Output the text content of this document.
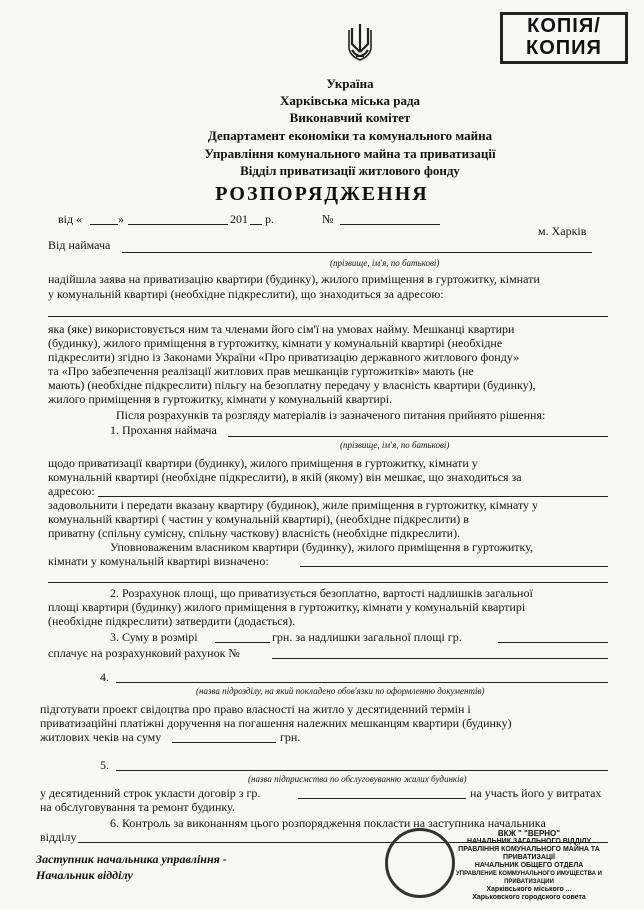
КОПІЯ/
КОПИЯ
Україна
Харківська міська рада
Виконавчий комітет
Департамент економіки та комунального майна
Управління комунального майна та приватизації
Відділ приватизації житлового фонду
РОЗПОРЯДЖЕННЯ
від «	»	201 р.	№
м. Харків
Від наймача
(прізвище, ім'я, по батькові)
надійшла заява на приватизацію квартири (будинку), жилого приміщення в гуртожитку, кімнати
у комунальній квартирі (необхідне підкреслити), що знаходиться за адресою:
яка (яке) використовується ним та членами його сім'ї на умовах найму. Мешканці квартири
(будинку), жилого приміщення в гуртожитку, кімнати у комунальній квартирі (необхідне
підкреслити) згідно із Законами України «Про приватизацію державного житлового фонду»
та «Про забезпечення реалізації житлових прав мешканців гуртожитків» мають (не
мають) (необхідне підкреслити) пільгу на безоплатну передачу у власність квартири (будинку),
жилого приміщення в гуртожитку, кімнати у комунальній квартирі.
Після розрахунків та розгляду матеріалів із зазначеного питання прийнято рішення:
1. Прохання наймача
(прізвище, ім'я, по батькові)
щодо приватизації квартири (будинку), жилого приміщення в гуртожитку, кімнати у
комунальній квартирі (необхідне підкреслити), в якій (якому) він мешкає, що знаходиться за
адресою:
задовольнити і передати вказану квартиру (будинок), жиле приміщення в гуртожитку, кімнату у
комунальній квартирі ( частин у комунальній квартирі), (необхідне підкреслити) в
приватну (спільну сумісну, спільну часткову) власність (необхідне підкреслити).
Уповноваженим власником квартири (будинку), жилого приміщення в гуртожитку,
кімнати у комунальній квартирі визначено:
2. Розрахунок площі, що приватизується безоплатно, вартості надлишків загальної
площі квартири (будинку) жилого приміщення в гуртожитку, кімнати у комунальній квартирі
(необхідне підкреслити) затвердити (додається).
3. Суму в розмірі	грн. за надлишки загальної площі гр.
сплачує на розрахунковий рахунок №
4.
(назва підрозділу, на який покладено обов'язки по оформленню документів)
підготувати проект свідоцтва про право власності на житло у десятиденний термін і
приватизаційні платіжні доручення на погашення належних мешканцям квартири (будинку)
житлових чеків на суму	грн.
5.
(назва підприємства по обслуговуванню жилих будинків)
у десятиденний строк укласти договір з гр.	на участь його у витратах
на обслуговування та ремонт будинку.
6. Контроль за виконанням цього розпорядження покласти на заступника начальника
відділу
Заступник начальника управління -
Начальник відділу
ВКЖ " "ВЕРНО"
НАЧАЛЬНИК ЗАГАЛЬНОГО ВІДДІЛУ
ПРАВЛІННЯ КОМУНАЛЬНОГО МАЙНА ТА
ПРИВАТИЗАЦІЇ
НАЧАЛЬНИК ОБЩЕГО ОТДЕЛА
УПРАВЛЕНИЕ КОММУНАЛЬНОГО ИМУЩЕСТВА И ПРИВАТИЗАЦИИ
Харківського міського ...
Харьковского городского совета
